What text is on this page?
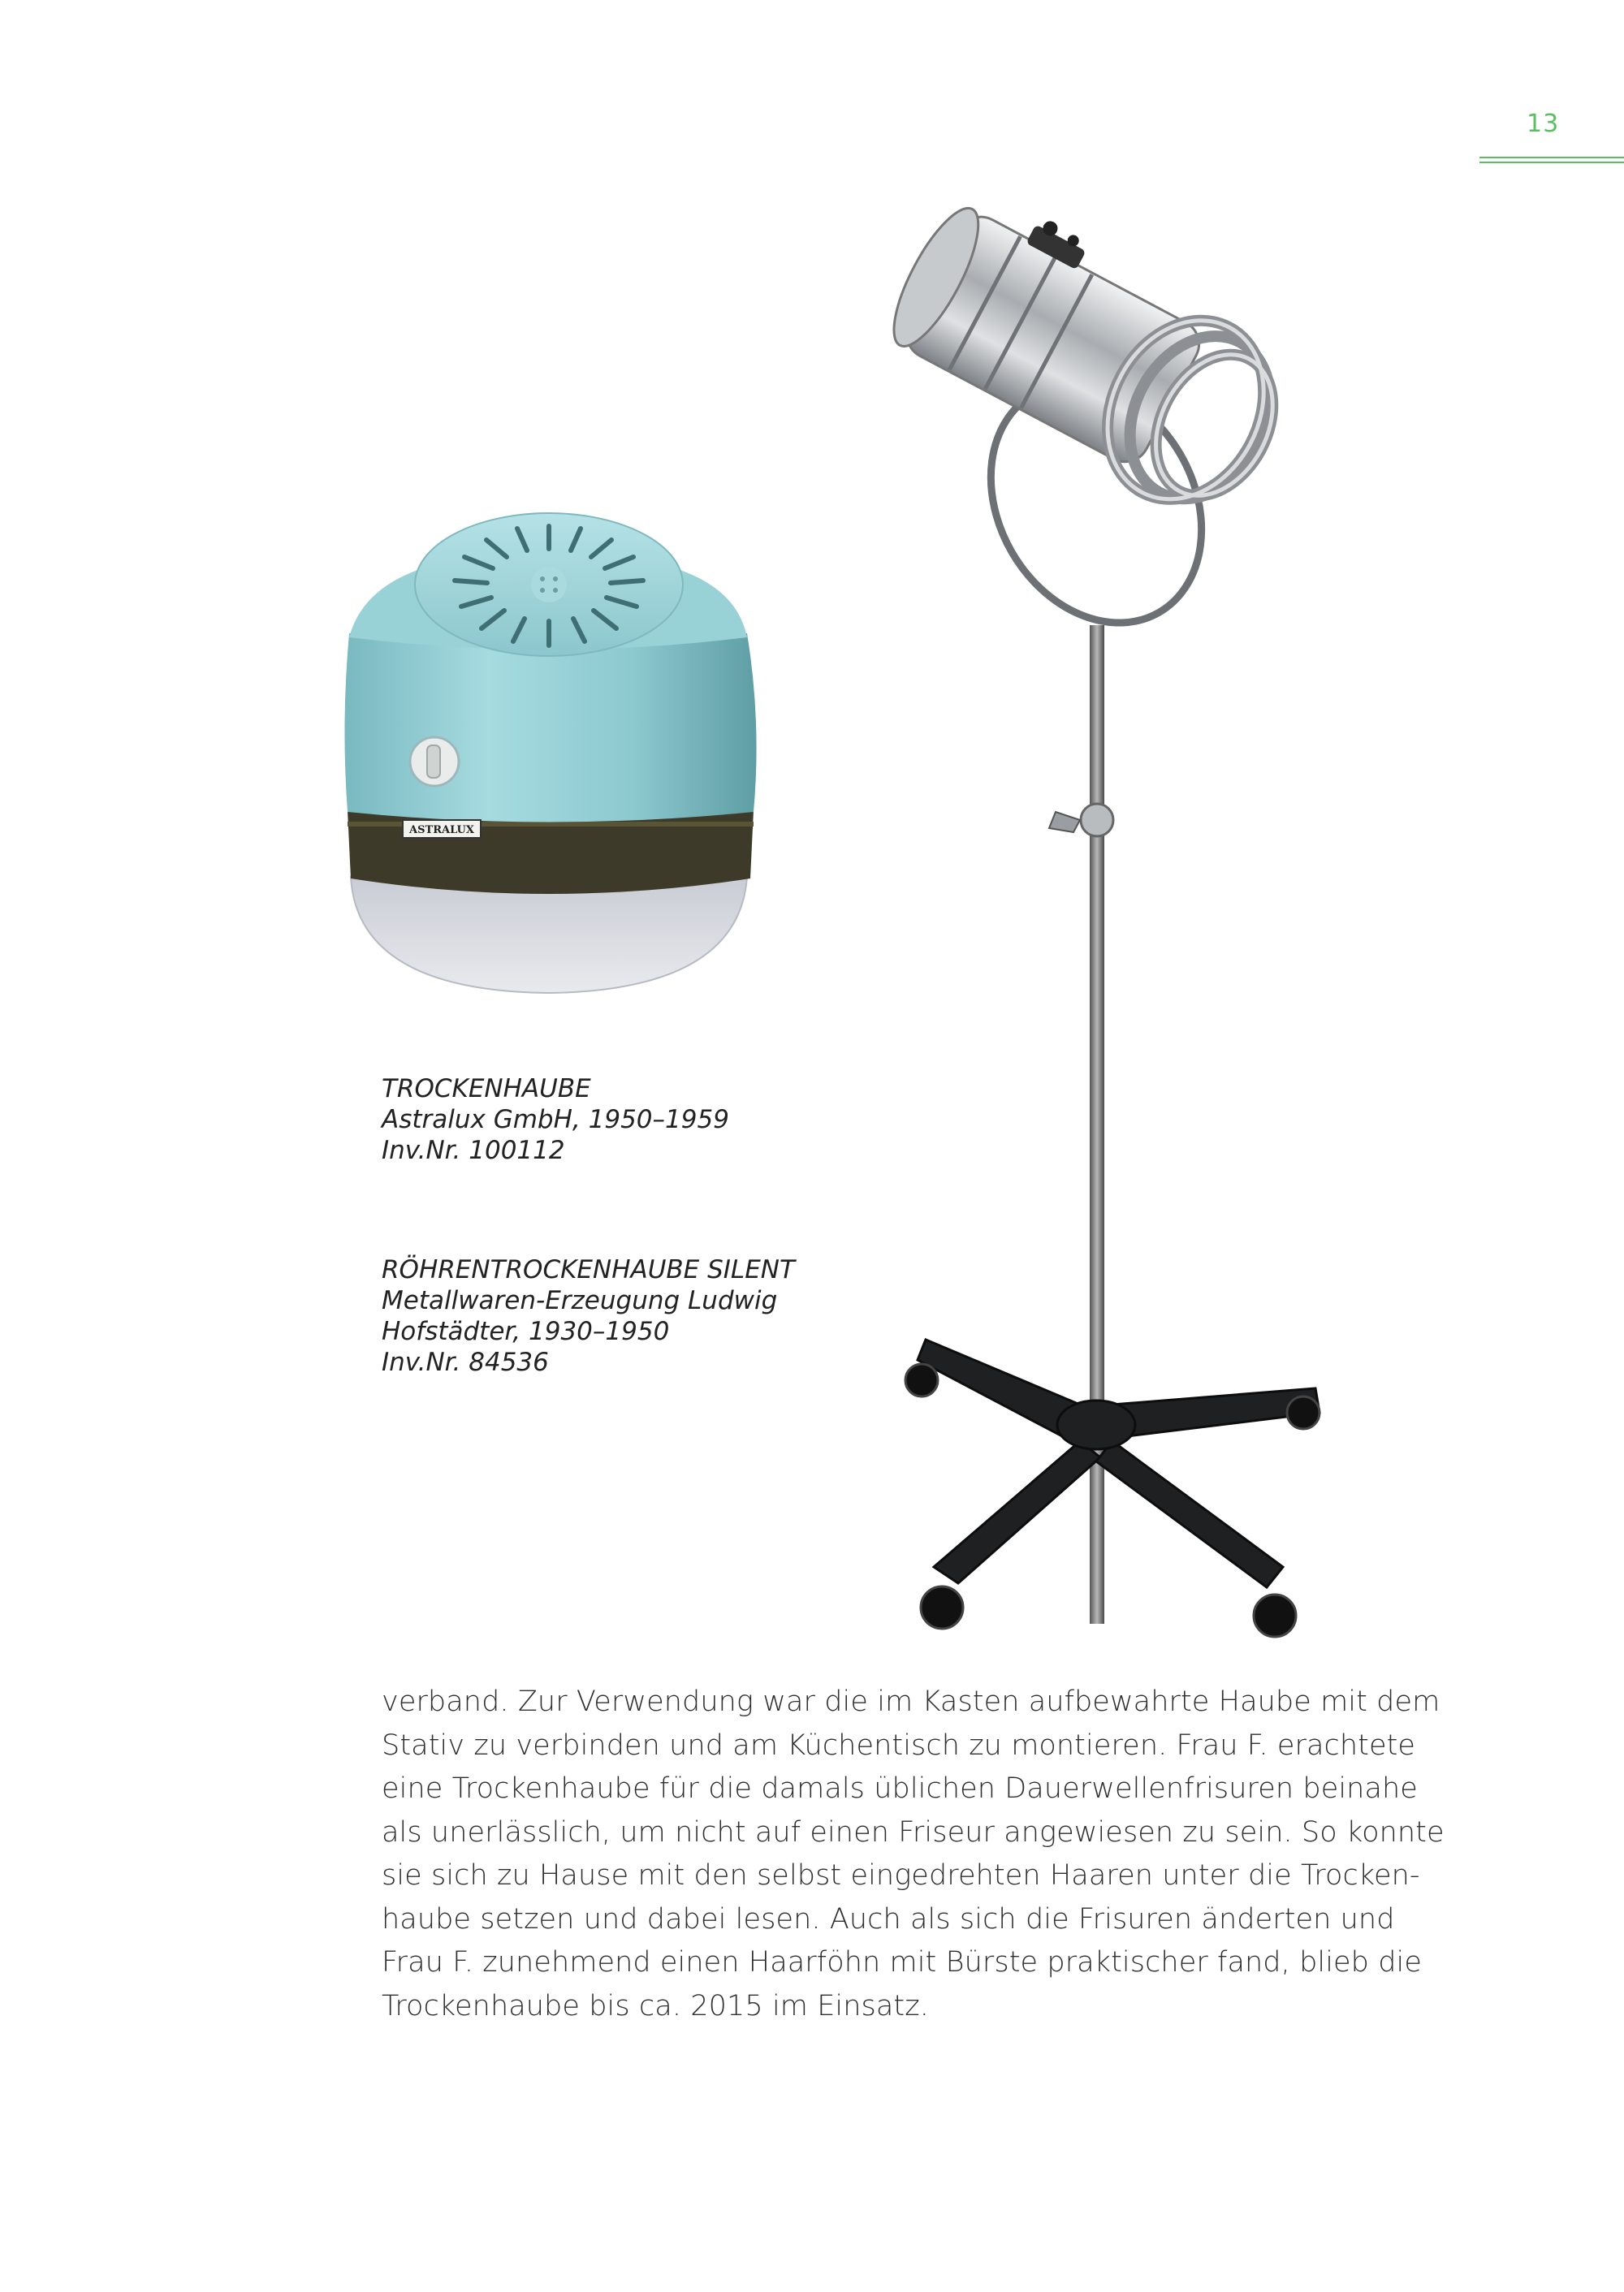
13
ASTRALUX
TROCKENHAUBE
Astralux GmbH, 1950–1959
Inv.Nr. 100112
RÖHRENTROCKENHAUBE SILENT
Metallwaren-Erzeugung Ludwig
Hofstädter, 1930–1950
Inv.Nr. 84536
verband. Zur Verwendung war die im Kasten aufbewahrte Haube mit dem
Stativ zu verbinden und am Küchentisch zu montieren. Frau F. erachtete
eine Trockenhaube für die damals üblichen Dauerwellenfrisuren beinahe
als unerlässlich, um nicht auf einen Friseur angewiesen zu sein. So konnte
sie sich zu Hause mit den selbst eingedrehten Haaren unter die Trocken-
haube setzen und dabei lesen. Auch als sich die Frisuren änderten und
Frau F. zunehmend einen Haarföhn mit Bürste praktischer fand, blieb die
Trockenhaube bis ca. 2015 im Einsatz.
